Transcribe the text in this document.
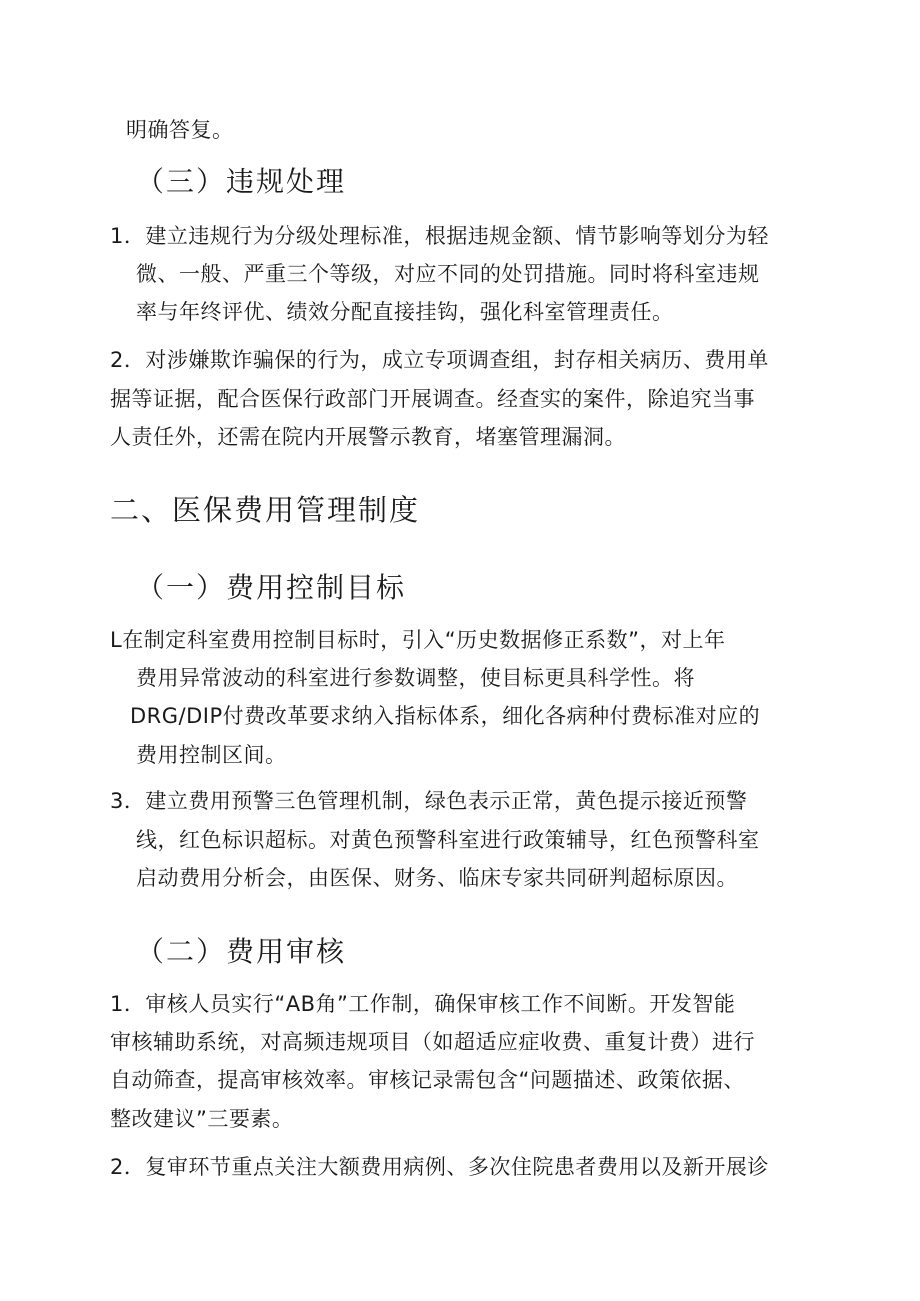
明确答复。
（三）违规处理
1．建立违规行为分级处理标准，根据违规金额、情节影响等划分为轻
微、一般、严重三个等级，对应不同的处罚措施。同时将科室违规
率与年终评优、绩效分配直接挂钩，强化科室管理责任。
2．对涉嫌欺诈骗保的行为，成立专项调查组，封存相关病历、费用单
据等证据，配合医保行政部门开展调查。经查实的案件，除追究当事
人责任外，还需在院内开展警示教育，堵塞管理漏洞。
二、医保费用管理制度
（一）费用控制目标
L在制定科室费用控制目标时，引入“历史数据修正系数”，对上年
费用异常波动的科室进行参数调整，使目标更具科学性。将
DRG/DIP付费改革要求纳入指标体系，细化各病种付费标准对应的
费用控制区间。
3．建立费用预警三色管理机制，绿色表示正常，黄色提示接近预警
线，红色标识超标。对黄色预警科室进行政策辅导，红色预警科室
启动费用分析会，由医保、财务、临床专家共同研判超标原因。
（二）费用审核
1．审核人员实行“AB角”工作制，确保审核工作不间断。开发智能
审核辅助系统，对高频违规项目（如超适应症收费、重复计费）进行
自动筛查，提高审核效率。审核记录需包含“问题描述、政策依据、
整改建议”三要素。
2．复审环节重点关注大额费用病例、多次住院患者费用以及新开展诊
